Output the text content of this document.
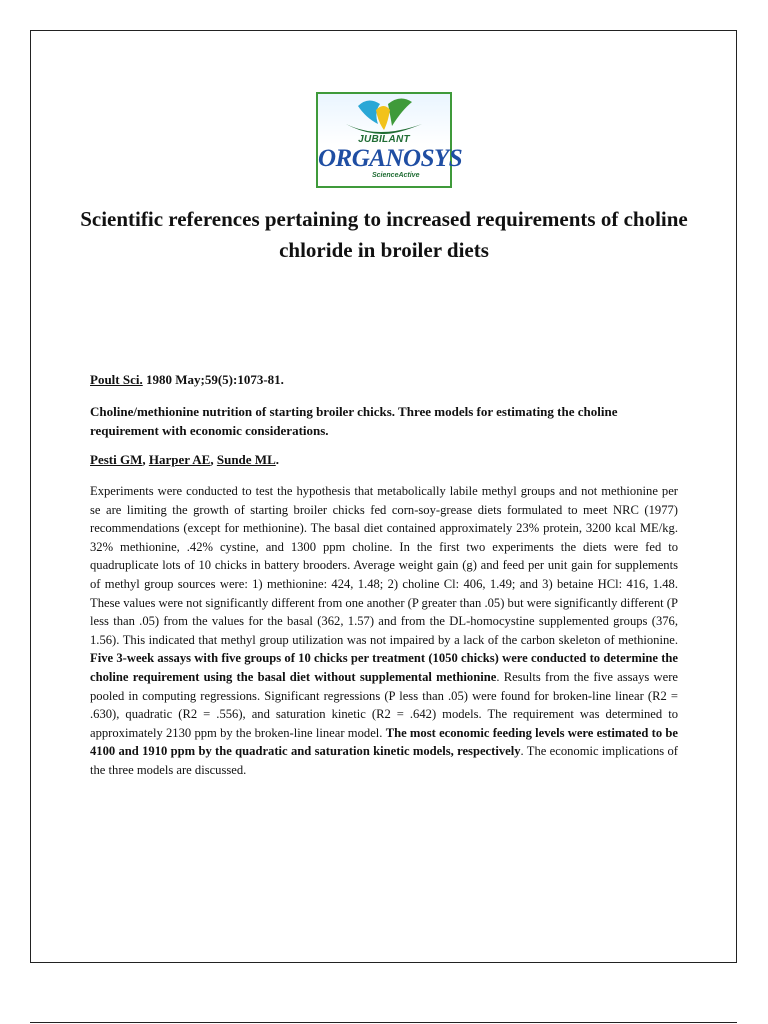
JUBILANT
ORGANOSYS
ScienceActive
Scientific references pertaining to increased requirements of choline chloride in broiler diets
Poult Sci. 1980 May;59(5):1073-81.
Choline/methionine nutrition of starting broiler chicks. Three models for estimating the choline requirement with economic considerations.
Pesti GM, Harper AE, Sunde ML.
Experiments were conducted to test the hypothesis that metabolically labile methyl groups and not methionine per se are limiting the growth of starting broiler chicks fed corn-soy-grease diets formulated to meet NRC (1977) recommendations (except for methionine). The basal diet contained approximately 23% protein, 3200 kcal ME/kg. 32% methionine, .42% cystine, and 1300 ppm choline. In the first two experiments the diets were fed to quadruplicate lots of 10 chicks in battery brooders. Average weight gain (g) and feed per unit gain for supplements of methyl group sources were: 1) methionine: 424, 1.48; 2) choline Cl: 406, 1.49; and 3) betaine HCl: 416, 1.48. These values were not significantly different from one another (P greater than .05) but were significantly different (P less than .05) from the values for the basal (362, 1.57) and from the DL-homocystine supplemented groups (376, 1.56). This indicated that methyl group utilization was not impaired by a lack of the carbon skeleton of methionine. Five 3-week assays with five groups of 10 chicks per treatment (1050 chicks) were conducted to determine the choline requirement using the basal diet without supplemental methionine. Results from the five assays were pooled in computing regressions. Significant regressions (P less than .05) were found for broken-line linear (R2 = .630), quadratic (R2 = .556), and saturation kinetic (R2 = .642) models. The requirement was determined to approximately 2130 ppm by the broken-line linear model. The most economic feeding levels were estimated to be 4100 and 1910 ppm by the quadratic and saturation kinetic models, respectively. The economic implications of the three models are discussed.
